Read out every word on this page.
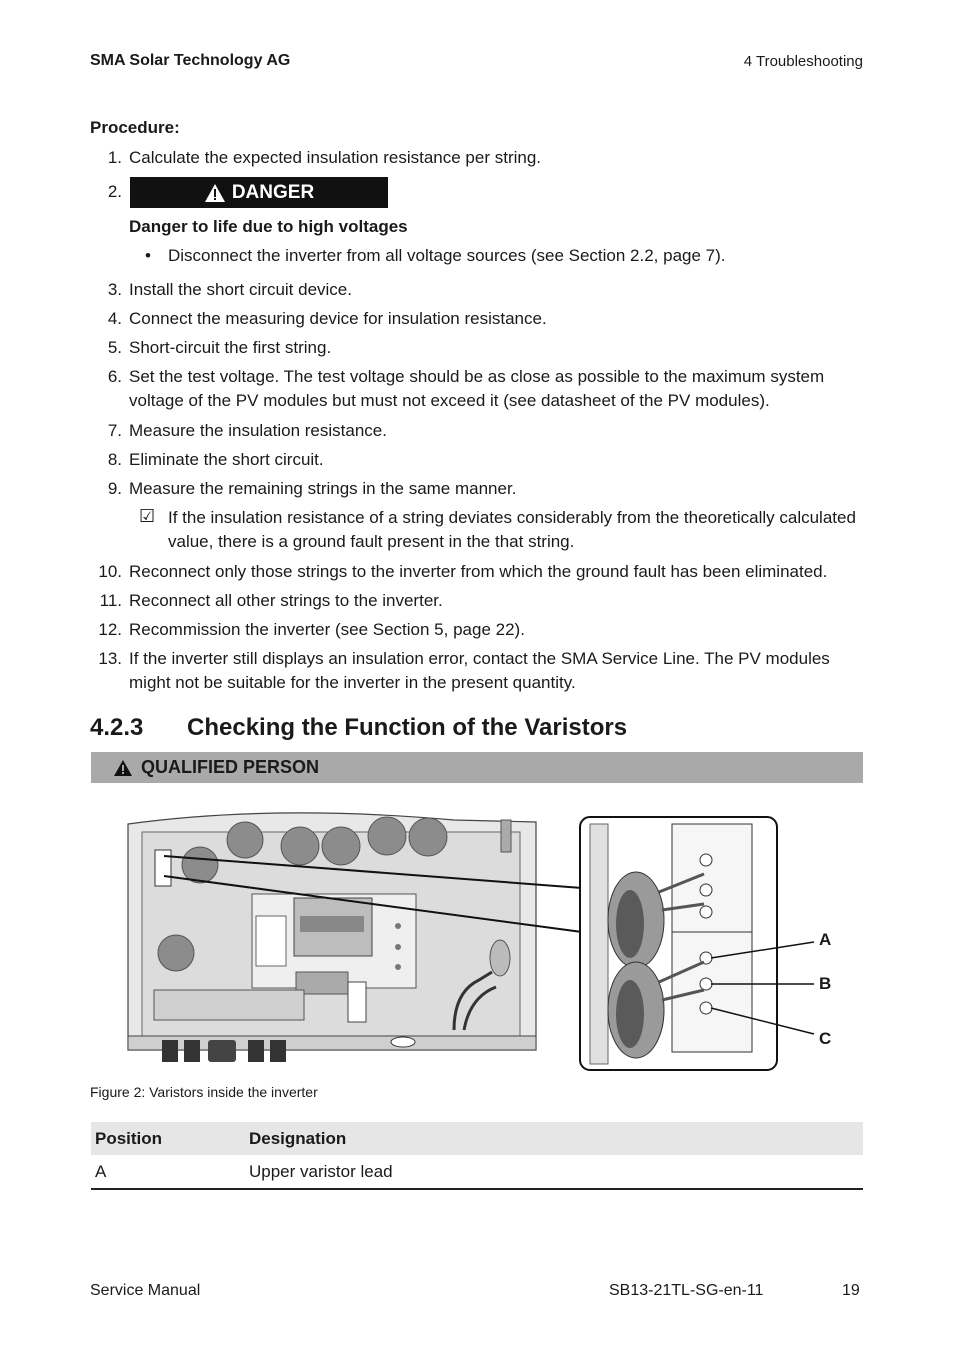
SMA Solar Technology AG	4 Troubleshooting
Procedure:
1. Calculate the expected insulation resistance per string.
2.	DANGER
Danger to life due to high voltages
• Disconnect the inverter from all voltage sources (see Section 2.2, page 7).
3. Install the short circuit device.
4. Connect the measuring device for insulation resistance.
5. Short-circuit the first string.
6. Set the test voltage. The test voltage should be as close as possible to the maximum system voltage of the PV modules but must not exceed it (see datasheet of the PV modules).
7. Measure the insulation resistance.
8. Eliminate the short circuit.
9. Measure the remaining strings in the same manner.
☑ If the insulation resistance of a string deviates considerably from the theoretically calculated value, there is a ground fault present in the that string.
10. Reconnect only those strings to the inverter from which the ground fault has been eliminated.
11. Reconnect all other strings to the inverter.
12. Recommission the inverter (see Section 5, page 22).
13. If the inverter still displays an insulation error, contact the SMA Service Line. The PV modules might not be suitable for the inverter in the present quantity.
4.2.3 Checking the Function of the Varistors
QUALIFIED PERSON
A
B
C
Figure 2: Varistors inside the inverter
Position	Designation
A	Upper varistor lead
Service Manual	SB13-21TL-SG-en-11	19
